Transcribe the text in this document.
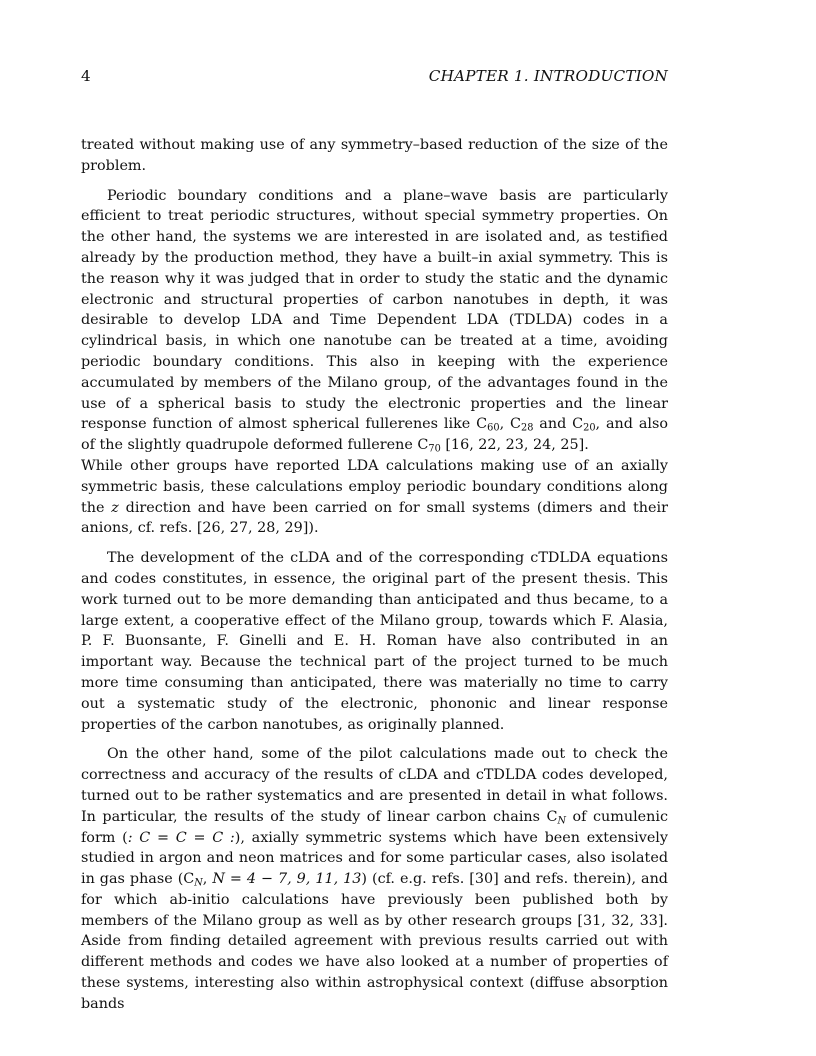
4	CHAPTER 1. INTRODUCTION

treated without making use of any symmetry–based reduction of the size of the problem.

Periodic boundary conditions and a plane–wave basis are particularly efficient to treat periodic structures, without special symmetry properties. On the other hand, the systems we are interested in are isolated and, as testified already by the production method, they have a built–in axial symmetry. This is the reason why it was judged that in order to study the static and the dynamic electronic and structural properties of carbon nanotubes in depth, it was desirable to develop LDA and Time Dependent LDA (TDLDA) codes in a cylindrical basis, in which one nanotube can be treated at a time, avoiding periodic boundary conditions. This also in keeping with the experience accumulated by members of the Milano group, of the advantages found in the use of a spherical basis to study the electronic properties and the linear response function of almost spherical fullerenes like $C_{60}$, $C_{28}$ and $C_{20}$, and also of the slightly quadrupole deformed fullerene $C_{70}$ [16, 22, 23, 24, 25].

While other groups have reported LDA calculations making use of an axially symmetric basis, these calculations employ periodic boundary conditions along the z direction and have been carried on for small systems (dimers and their anions, cf. refs. [26, 27, 28, 29]).

The development of the cLDA and of the corresponding cTDLDA equations and codes constitutes, in essence, the original part of the present thesis. This work turned out to be more demanding than anticipated and thus became, to a large extent, a cooperative effect of the Milano group, towards which F. Alasia, P. F. Buonsante, F. Ginelli and E. H. Roman have also contributed in an important way. Because the technical part of the project turned to be much more time consuming than anticipated, there was materially no time to carry out a systematic study of the electronic, phononic and linear response properties of the carbon nanotubes, as originally planned.

On the other hand, some of the pilot calculations made out to check the correctness and accuracy of the results of cLDA and cTDLDA codes developed, turned out to be rather systematics and are presented in detail in what follows. In particular, the results of the study of linear carbon chains $C_N$ of cumulenic form (: C = C = C :), axially symmetric systems which have been extensively studied in argon and neon matrices and for some particular cases, also isolated in gas phase ($C_N$, N = 4 − 7, 9, 11, 13) (cf. e.g. refs. [30] and refs. therein), and for which ab-initio calculations have previously been published both by members of the Milano group as well as by other research groups [31, 32, 33]. Aside from finding detailed agreement with previous results carried out with different methods and codes we have also looked at a number of properties of these systems, interesting also within astrophysical context (diffuse absorption bands
